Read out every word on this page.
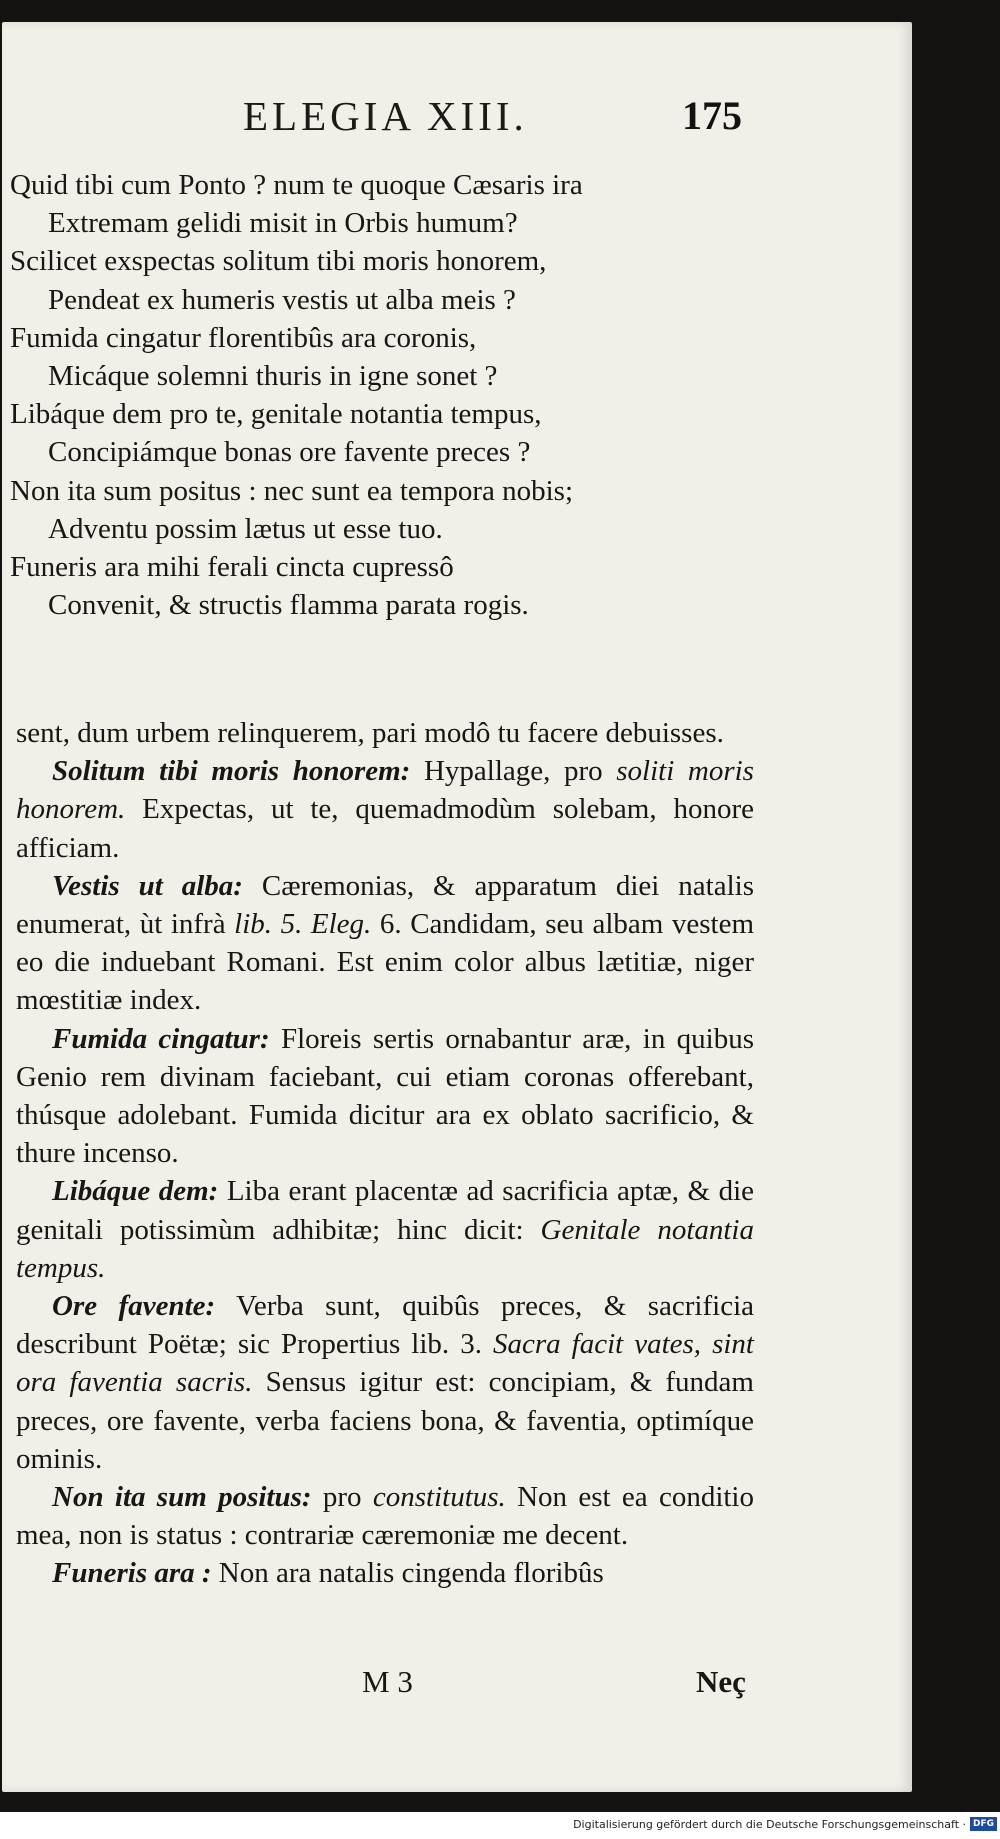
ELEGIA XIII.	175
Quid tibi cum Ponto ? num te quoque Cæsaris ira
Extremam gelidi misit in Orbis humum?
Scilicet exspectas solitum tibi moris honorem,
Pendeat ex humeris vestis ut alba meis ?
Fumida cingatur florentibûs ara coronis,
Micáque solemni thuris in igne sonet ?
Libáque dem pro te, genitale notantia tempus,
Concipiámque bonas ore favente preces ?
Non ita sum positus : nec sunt ea tempora nobis;
Adventu possim lætus ut esse tuo.
Funeris ara mihi ferali cincta cupressô
Convenit, & structis flamma parata rogis.

sent, dum urbem relinquerem, pari modô tu facere debuisses.

Solitum tibi moris honorem: Hypallage, pro soliti moris honorem. Expectas, ut te, quemadmodùm solebam, honore afficiam.

Vestis ut alba: Cæremonias, & apparatum diei natalis enumerat, ùt infrà lib. 5. Eleg. 6. Candidam, seu albam vestem eo die induebant Romani. Est enim color albus lætitiæ, niger mœstitiæ index.

Fumida cingatur: Floreis sertis ornabantur aræ, in quibus Genio rem divinam faciebant, cui etiam coronas offerebant, thúsque adolebant. Fumida dicitur ara ex oblato sacrificio, & thure incenso.

Libáque dem: Liba erant placentæ ad sacrificia aptæ, & die genitali potissimùm adhibitæ; hinc dicit: Genitale notantia tempus.

Ore favente: Verba sunt, quibûs preces, & sacrificia describunt Poëtæ; sic Propertius lib. 3. Sacra facit vates, sint ora faventia sacris. Sensus igitur est: concipiam, & fundam preces, ore favente, verba faciens bona, & faventia, optimíque ominis.

Non ita sum positus: pro constitutus. Non est ea conditio mea, non is status : contrariæ cæremoniæ me decent.

Funeris ara : Non ara natalis cingenda floribûs

M 3	Neç
Digitalisierung gefördert durch die Deutsche Forschungsgemeinschaft · DFG
